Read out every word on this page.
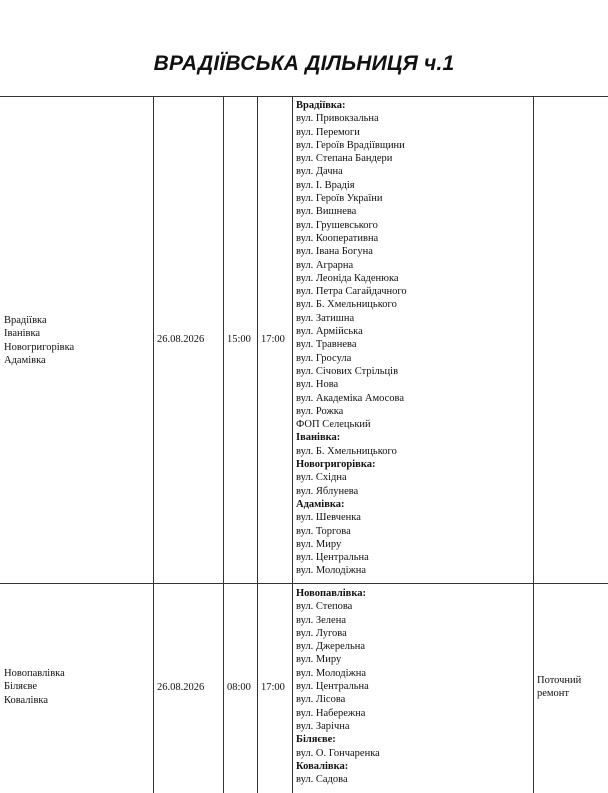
ВРАДІЇВСЬКА ДІЛЬНИЦЯ ч.1
Врадіївка
Іванівка
Новогригорівка
Адамівка
26.08.2026 15:00 17:00
Врадіївка:
вул. Привокзальна
вул. Перемоги
вул. Героїв Врадіївщини
вул. Степана Бандери
вул. Дачна
вул. І. Врадія
вул. Героїв України
вул. Вишнева
вул. Грушевського
вул. Кооперативна
вул. Івана Богуна
вул. Аграрна
вул. Леоніда Каденюка
вул. Петра Сагайдачного
вул. Б. Хмельницького
вул. Затишна
вул. Армійська
вул. Травнева
вул. Гросула
вул. Січових Стрільців
вул. Нова
вул. Академіка Амосова
вул. Рожка
ФОП Селецький
Іванівка:
вул. Б. Хмельницького
Новогригорівка:
вул. Східна
вул. Яблунева
Адамівка:
вул. Шевченка
вул. Торгова
вул. Миру
вул. Центральна
вул. Молодіжна
Новопавлівка
Біляєве
Ковалівка
26.08.2026 08:00 17:00
Новопавлівка:
вул. Степова
вул. Зелена
вул. Лугова
вул. Джерельна
вул. Миру
вул. Молодіжна
вул. Центральна
вул. Лісова
вул. Набережна
вул. Зарічна
Біляєве:
вул. О. Гончаренка
Ковалівка:
вул. Садова
Поточний ремонт
